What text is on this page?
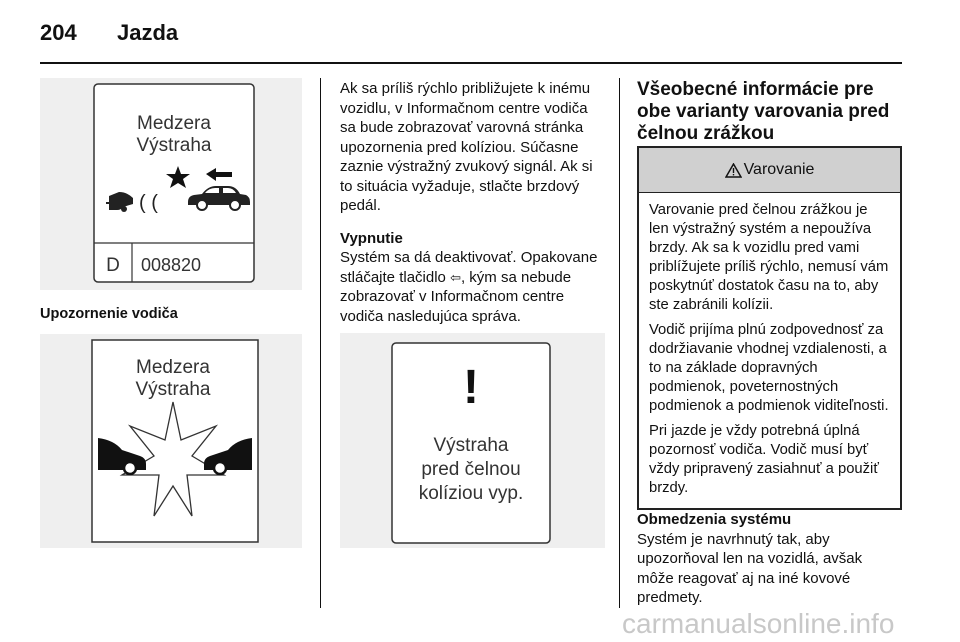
204 Jazda
Medzera
Výstraha
( (
D 008820
Upozornenie vodiča
Medzera
Výstraha

Ak sa príliš rýchlo približujete k inému vozidlu, v Informačnom centre vodiča sa bude zobrazovať varovná stránka upozornenia pred kolíziou. Súčasne zaznie výstražný zvukový signál. Ak si to situácia vyžaduje, stlačte brzdový pedál.

Vypnutie

Systém sa dá deaktivovať. Opakovane stláčajte tlačidlo ⇦, kým sa nebude zobrazovať v Informačnom centre vodiča nasledujúca správa.

!
Výstraha
pred čelnou
kolíziou vyp.
Všeobecné informácie pre obe varianty varovania pred čelnou zrážkou
Varovanie

Varovanie pred čelnou zrážkou je len výstražný systém a nepoužíva brzdy. Ak sa k vozidlu pred vami priblížujete príliš rýchlo, nemusí vám poskytnúť dostatok času na to, aby ste zabránili kolízii.

Vodič prijíma plnú zodpovednosť za dodržiavanie vhodnej vzdialenosti, a to na základe dopravných podmienok, poveternostných podmienok a podmienok viditeľnosti.

Pri jazde je vždy potrebná úplná pozornosť vodiča. Vodič musí byť vždy pripravený zasiahnuť a použiť brzdy.

Obmedzenia systému
Systém je navrhnutý tak, aby upozorňoval len na vozidlá, avšak môže reagovať aj na iné kovové predmety.
carmanualsonline.info
